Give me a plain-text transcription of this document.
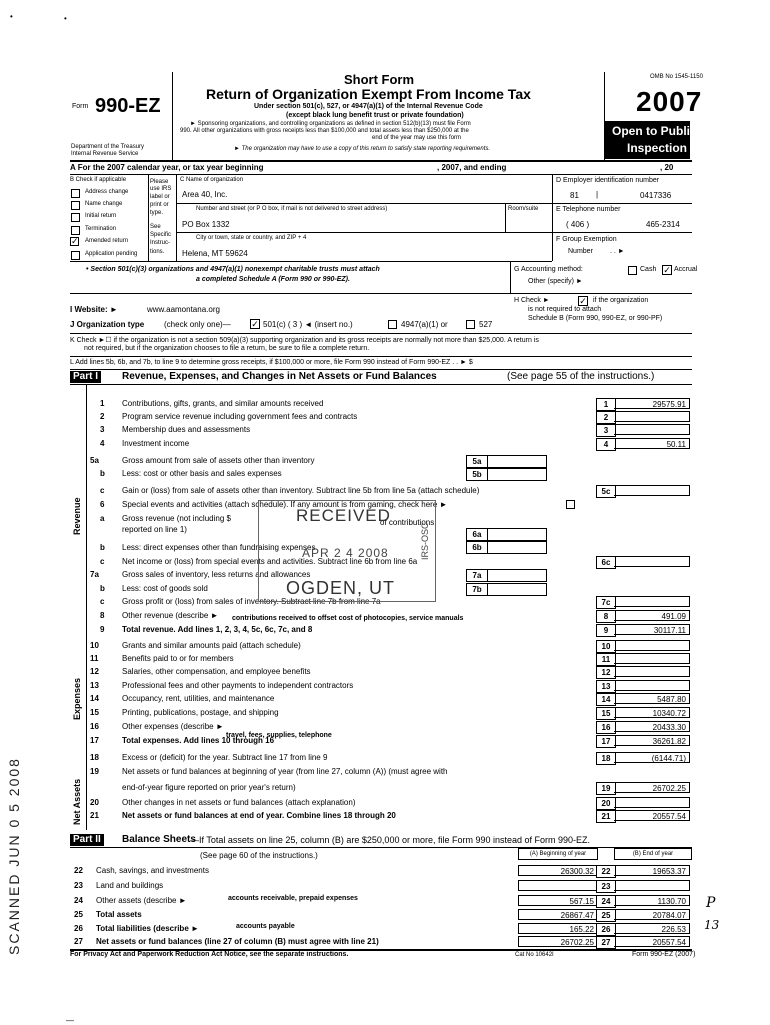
•	•
Form 990-EZ
Department of the Treasury
Internal Revenue Service
Short Form
Return of Organization Exempt From Income Tax
Under section 501(c), 527, or 4947(a)(1) of the Internal Revenue Code
(except black lung benefit trust or private foundation)
► Sponsoring organizations, and controlling organizations as defined in section 512(b)(13) must file Form
990. All other organizations with gross receipts less than $100,000 and total assets less than $250,000 at the
end of the year may use this form
► The organization may have to use a copy of this return to satisfy state reporting requirements.
OMB No 1545-1150
2007
Open to Public
Inspection
A For the 2007 calendar year, or tax year beginning	, 2007, and ending	, 20
B Check if applicable
Address change
Name change
Initial return
Termination
✓ Amended return
Application pending
Please
use IRS
label or
print or
type.
See
Specific
Instruc-
tions.
C Name of organization
Area 40, Inc.
Number and street (or P O box, if mail is not delivered to street address)	Room/suite
PO Box 1332
City or town, state or country, and ZIP + 4
Helena, MT 59624
D Employer identification number
81 |	0417336
E Telephone number
( 406 )	465-2314
F Group Exemption
Number . . ►
• Section 501(c)(3) organizations and 4947(a)(1) nonexempt charitable trusts must attach
a completed Schedule A (Form 990 or 990-EZ).
G Accounting method:	Cash ✓ Accrual
Other (specify) ►
H Check ►	✓ if the organization
is not required to attach
Schedule B (Form 990, 990-EZ, or 990-PF)
I Website: ►	www.aamontana.org
J Organization type (check only one)— ✓ 501(c) ( 3 ) ◄ (insert no.)	4947(a)(1) or	527
K Check ►☐ if the organization is not a section 509(a)(3) supporting organization and its gross receipts are normally not more than $25,000. A return is
not required, but if the organization chooses to file a return, be sure to file a complete return.
L Add lines 5b, 6b, and 7b, to line 9 to determine gross receipts, if $100,000 or more, file Form 990 instead of Form 990-EZ . . ► $
Part I	Revenue, Expenses, and Changes in Net Assets or Fund Balances	(See page 55 of the instructions.)
Revenue
Expenses
Net Assets
1 Contributions, gifts, grants, and similar amounts received	1	29575.91
2 Program service revenue including government fees and contracts	2
3 Membership dues and assessments	3
4 Investment income	4	50.11
5a	Gross amount from sale of assets other than inventory
b Less: cost or other basis and sales expenses
c Gain or (loss) from sale of assets other than inventory. Subtract line 5b from line 5a (attach schedule)	5c
6 Special events and activities (attach schedule). If any amount is from gaming, check here ►
a Gross revenue (not including $
reported on line 1)
b Less: direct expenses other than fundraising expenses
c Net income or (loss) from special events and activities. Subtract line 6b from line 6a	6c
7a	Gross sales of inventory, less returns and allowances
b Less: cost of goods sold
c Gross profit or (loss) from sales of inventory. Subtract line 7b from line 7a	7c
8 Other revenue (describe ►	8	491.09
9 Total revenue. Add lines 1, 2, 3, 4, 5c, 6c, 7c, and 8	9	30117.11
10	Grants and similar amounts paid (attach schedule)	10
11	Benefits paid to or for members	11
12	Salaries, other compensation, and employee benefits	12
13	Professional fees and other payments to independent contractors	13
14	Occupancy, rent, utilities, and maintenance	14	5487.80
15	Printing, publications, postage, and shipping	15	10340.72
16	Other expenses (describe ►	16	20433.30
17	Total expenses. Add lines 10 through 16	17	36261.82
18	Excess or (deficit) for the year. Subtract line 17 from line 9	18	(6144.71)
19	Net assets or fund balances at beginning of year (from line 27, column (A)) (must agree with
end-of-year figure reported on prior year's return)	19	26702.25
20	Other changes in net assets or fund balances (attach explanation)	20
21	Net assets or fund balances at end of year. Combine lines 18 through 20	21	20557.54
5a
5b
6a
6b
7a
7b
of contributions
contributions received to offset cost of photocopies, service manuals
travel, fees, supplies, telephone
Part II	Balance Sheets
—If Total assets on line 25, column (B) are $250,000 or more, file Form 990 instead of Form 990-EZ.
(See page 60 of the instructions.)	(A) Beginning of year	(B) End of year
22 Cash, savings, and investments	26300.32 22	19653.37
23 Land and buildings	23
24 Other assets (describe ►	567.15 24	1130.70
25 Total assets	26867.47 25	20784.07
26 Total liabilities (describe ►	165.22 26	226.53
27 Net assets or fund balances (line 27 of column (B) must agree with line 21)	26702.25 27	20557.54
accounts receivable, prepaid expenses
accounts payable
For Privacy Act and Paperwork Reduction Act Notice, see the separate instructions.	Cat No 10642I	Form 990-EZ (2007)
RECEIVED
APR 2 4 2008
OGDEN, UT
IRS-OSC
SCANNED JUN 0 5 2008	P
13
—
